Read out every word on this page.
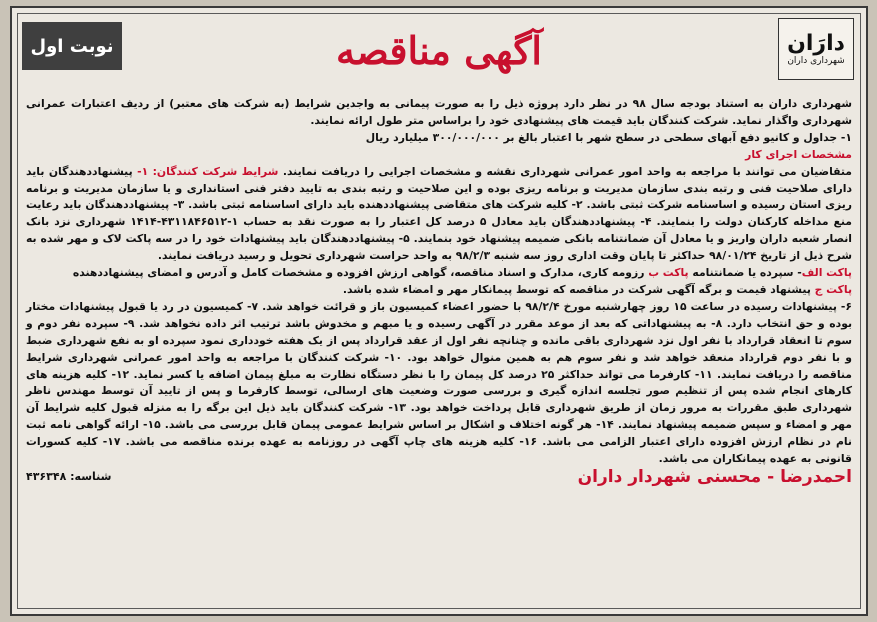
دارَان
شهرداری داران
آگهی مناقصه
نوبت اول

شهرداری داران به استناد بودجه سال ۹۸ در نظر دارد پروژه ذیل را به صورت پیمانی به واجدین شرایط (به شرکت های معتبر) از ردیف اعتبارات عمرانی شهرداری واگذار نماید. شرکت کنندگان باید قیمت های پیشنهادی خود را براساس متر طول ارائه نمایند.

۱- جداول و کانیو دفع آبهای سطحی در سطح شهر با اعتبار بالغ بر ۳۰۰/۰۰۰/۰۰۰ میلیارد ریال

مشخصات اجرای کار

متقاضیان می توانند با مراجعه به واحد امور عمرانی شهرداری نقشه و مشخصات اجرایی را دریافت نمایند. شرایط شرکت کنندگان: ۱- پیشنهاددهندگان باید دارای صلاحیت فنی و رتبه بندی سازمان مدیریت و برنامه ریزی بوده و این صلاحیت و رتبه بندی به تایید دفتر فنی استانداری و یا سازمان مدیریت و برنامه ریزی استان رسیده و اساسنامه شرکت ثبتی باشد. ۲- کلیه شرکت های متقاضی پیشنهاددهنده باید دارای اساسنامه ثبتی باشد. ۳- پیشنهاددهندگان باید رعایت منع مداخله کارکنان دولت را بنمایند. ۴- پیشنهاددهندگان باید معادل ۵ درصد کل اعتبار را به صورت نقد به حساب ۱-۴۳۱۱۸۴۶۵۱۲-۱۴۱۴ شهرداری نزد بانک انصار شعبه داران واریز و یا معادل آن ضمانتنامه بانکی ضمیمه پیشنهاد خود بنمایند. ۵- پیشنهاددهندگان باید پیشنهادات خود را در سه پاکت لاک و مهر شده به شرح ذیل از تاریخ ۹۸/۰۱/۲۴ حداکثر تا پایان وقت اداری روز سه شنبه ۹۸/۲/۳ به واحد حراست شهرداری تحویل و رسید دریافت نمایند.

پاکت الف- سپرده یا ضمانتنامه پاکت ب رزومه کاری، مدارک و اسناد مناقصه، گواهی ارزش افزوده و مشخصات کامل و آدرس و امضای پیشنهاددهنده

پاکت ج پیشنهاد قیمت و برگه آگهی شرکت در مناقصه که توسط پیمانکار مهر و امضاء شده باشد.

۶- پیشنهادات رسیده در ساعت ۱۵ روز چهارشنبه مورخ ۹۸/۲/۴ با حضور اعضاء کمیسیون باز و قرائت خواهد شد. ۷- کمیسیون در رد یا قبول پیشنهادات مختار بوده و حق انتخاب دارد. ۸- به پیشنهاداتی که بعد از موعد مقرر در آگهی رسیده و یا مبهم و مخدوش باشد ترتیب اثر داده نخواهد شد. ۹- سپرده نفر دوم و سوم تا انعقاد قرارداد با نفر اول نزد شهرداری باقی مانده و چنانچه نفر اول از عقد قرارداد پس از یک هفته خودداری نمود سپرده او به نفع شهرداری ضبط و با نفر دوم قرارداد منعقد خواهد شد و نفر سوم هم به همین منوال خواهد بود. ۱۰- شرکت کنندگان با مراجعه به واحد امور عمرانی شهرداری شرایط مناقصه را دریافت نمایند. ۱۱- کارفرما می تواند حداکثر ۲۵ درصد کل پیمان را با نظر دستگاه نظارت به مبلغ پیمان اضافه یا کسر نماید. ۱۲- کلیه هزینه های کارهای انجام شده پس از تنظیم صور تجلسه اندازه گیری و بررسی صورت وضعیت های ارسالی، توسط کارفرما و پس از تایید آن توسط مهندس ناظر شهرداری طبق مقررات به مرور زمان از طریق شهرداری قابل پرداخت خواهد بود. ۱۳- شرکت کنندگان باید ذیل این برگه را به منزله قبول کلیه شرایط آن مهر و امضاء و سپس ضمیمه پیشنهاد نمایند. ۱۴- هر گونه اختلاف و اشکال بر اساس شرایط عمومی پیمان قابل بررسی می باشد. ۱۵- ارائه گواهی نامه ثبت نام در نظام ارزش افزوده دارای اعتبار الزامی می باشد. ۱۶- کلیه هزینه های چاپ آگهی در روزنامه به عهده برنده مناقصه می باشد. ۱۷- کلیه کسورات قانونی به عهده پیمانکاران می باشد.

احمدرضا - محسنی شهردار داران
شناسه: ۴۳۶۳۴۸
